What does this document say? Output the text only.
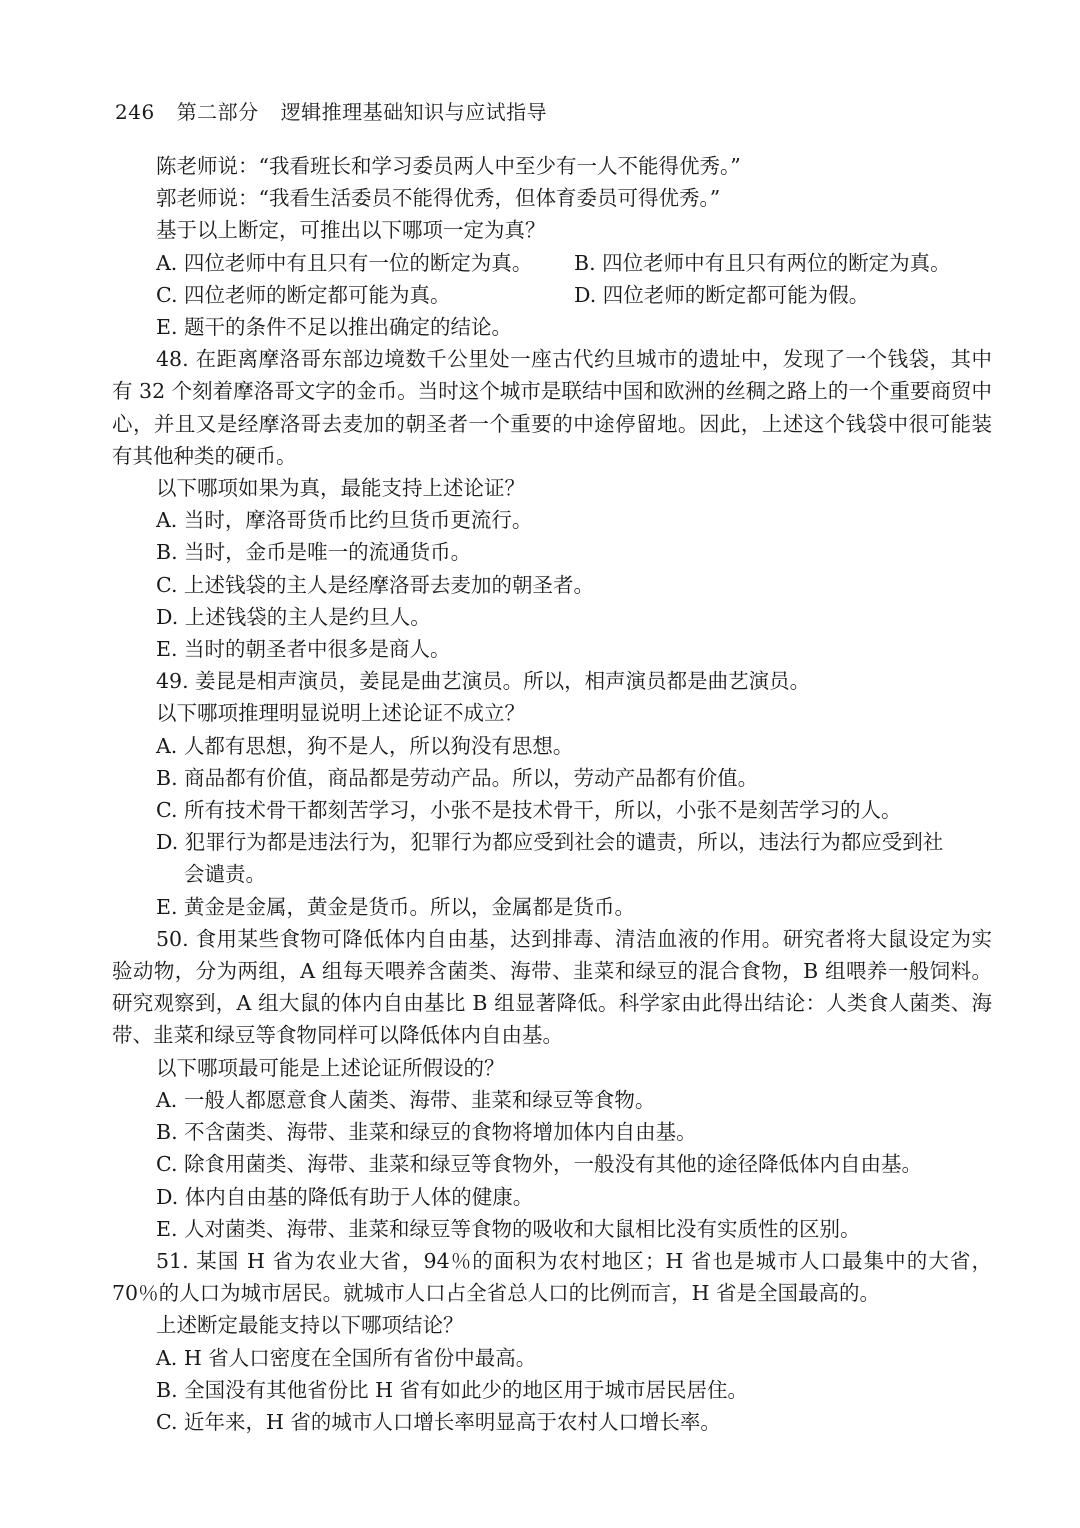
246 第二部分 逻辑推理基础知识与应试指导
陈老师说：“我看班长和学习委员两人中至少有一人不能得优秀。”
郭老师说：“我看生活委员不能得优秀，但体育委员可得优秀。”
基于以上断定，可推出以下哪项一定为真？
A. 四位老师中有且只有一位的断定为真。	B. 四位老师中有且只有两位的断定为真。
C. 四位老师的断定都可能为真。	D. 四位老师的断定都可能为假。
E. 题干的条件不足以推出确定的结论。
48. 在距离摩洛哥东部边境数千公里处一座古代约旦城市的遗址中，发现了一个钱袋，其中有 32 个刻着摩洛哥文字的金币。当时这个城市是联结中国和欧洲的丝稠之路上的一个重要商贸中心，并且又是经摩洛哥去麦加的朝圣者一个重要的中途停留地。因此，上述这个钱袋中很可能装有其他种类的硬币。
以下哪项如果为真，最能支持上述论证？
A. 当时，摩洛哥货币比约旦货币更流行。
B. 当时，金币是唯一的流通货币。
C. 上述钱袋的主人是经摩洛哥去麦加的朝圣者。
D. 上述钱袋的主人是约旦人。
E. 当时的朝圣者中很多是商人。
49. 姜昆是相声演员，姜昆是曲艺演员。所以，相声演员都是曲艺演员。
以下哪项推理明显说明上述论证不成立？
A. 人都有思想，狗不是人，所以狗没有思想。
B. 商品都有价值，商品都是劳动产品。所以，劳动产品都有价值。
C. 所有技术骨干都刻苦学习，小张不是技术骨干，所以，小张不是刻苦学习的人。
D. 犯罪行为都是违法行为，犯罪行为都应受到社会的谴责，所以，违法行为都应受到社
会谴责。
E. 黄金是金属，黄金是货币。所以，金属都是货币。
50. 食用某些食物可降低体内自由基，达到排毒、清洁血液的作用。研究者将大鼠设定为实验动物，分为两组，A 组每天喂养含菌类、海带、韭菜和绿豆的混合食物，B 组喂养一般饲料。研究观察到，A 组大鼠的体内自由基比 B 组显著降低。科学家由此得出结论：人类食人菌类、海带、韭菜和绿豆等食物同样可以降低体内自由基。
以下哪项最可能是上述论证所假设的？
A. 一般人都愿意食人菌类、海带、韭菜和绿豆等食物。
B. 不含菌类、海带、韭菜和绿豆的食物将增加体内自由基。
C. 除食用菌类、海带、韭菜和绿豆等食物外，一般没有其他的途径降低体内自由基。
D. 体内自由基的降低有助于人体的健康。
E. 人对菌类、海带、韭菜和绿豆等食物的吸收和大鼠相比没有实质性的区别。
51. 某国 H 省为农业大省，94％的面积为农村地区；H 省也是城市人口最集中的大省，70％的人口为城市居民。就城市人口占全省总人口的比例而言，H 省是全国最高的。
上述断定最能支持以下哪项结论？
A. H 省人口密度在全国所有省份中最高。
B. 全国没有其他省份比 H 省有如此少的地区用于城市居民居住。
C. 近年来，H 省的城市人口增长率明显高于农村人口增长率。
